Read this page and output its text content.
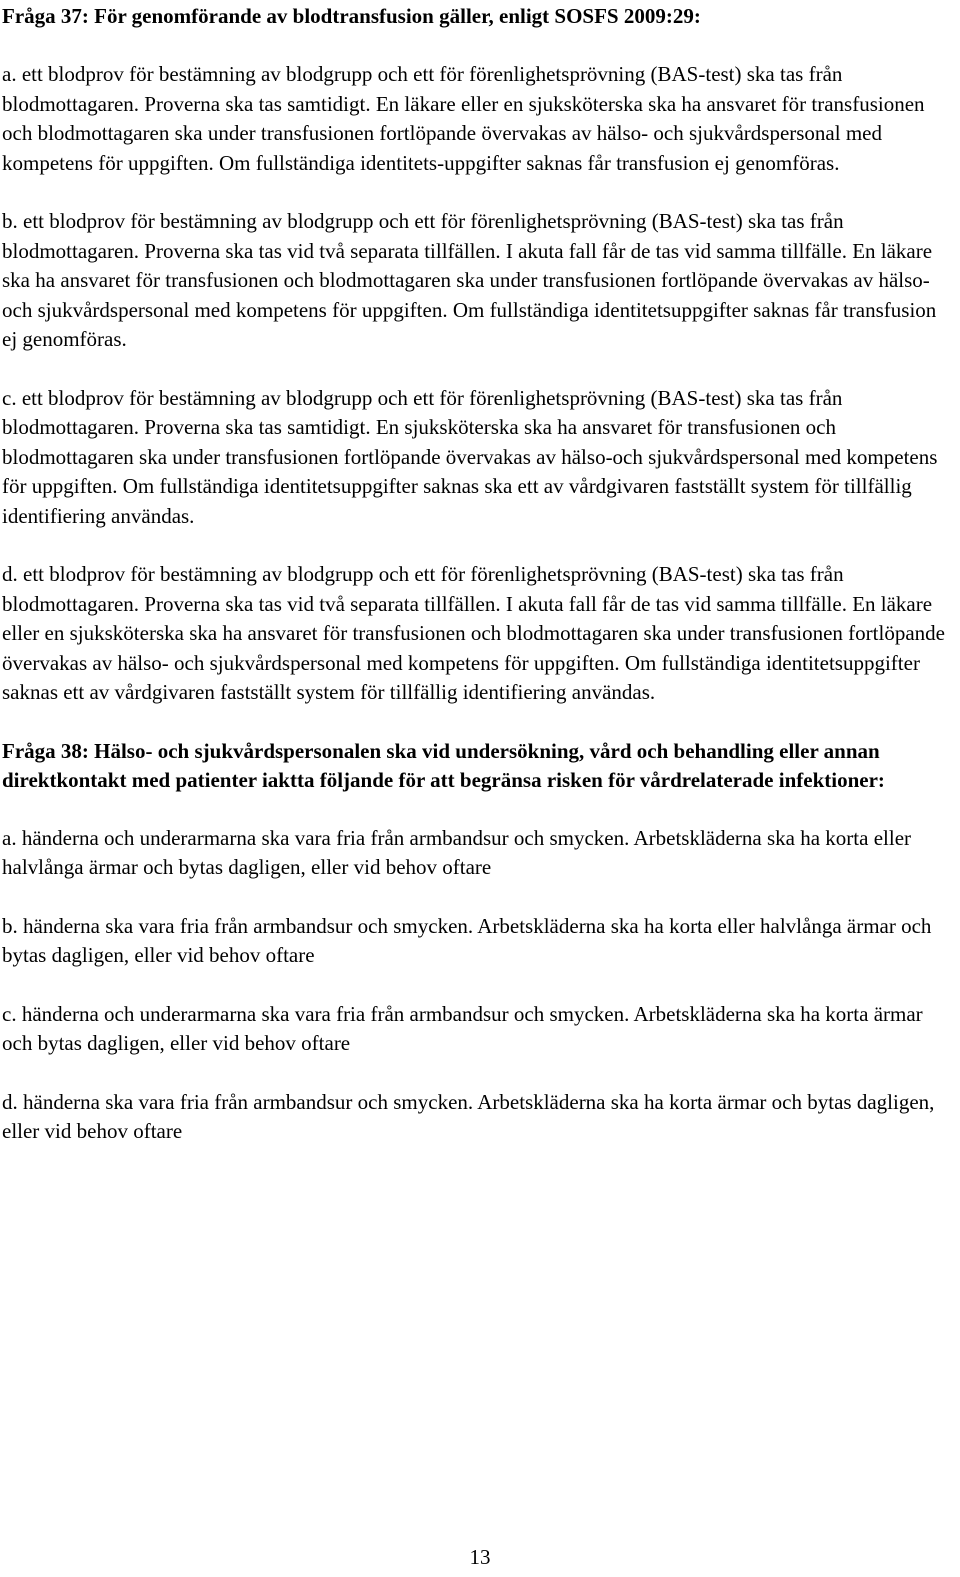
Fråga 37: För genomförande av blodtransfusion gäller, enligt SOSFS 2009:29:

a. ett blodprov för bestämning av blodgrupp och ett för förenlighetsprövning (BAS-test) ska tas från blodmottagaren. Proverna ska tas samtidigt. En läkare eller en sjuksköterska ska ha ansvaret för transfusionen och blodmottagaren ska under transfusionen fortlöpande övervakas av hälso- och sjukvårdspersonal med kompetens för uppgiften. Om fullständiga identitets-uppgifter saknas får transfusion ej genomföras.

b. ett blodprov för bestämning av blodgrupp och ett för förenlighetsprövning (BAS-test) ska tas från blodmottagaren. Proverna ska tas vid två separata tillfällen. I akuta fall får de tas vid samma tillfälle. En läkare ska ha ansvaret för transfusionen och blodmottagaren ska under transfusionen fortlöpande övervakas av hälso- och sjukvårdspersonal med kompetens för uppgiften. Om fullständiga identitetsuppgifter saknas får transfusion ej genomföras.

c. ett blodprov för bestämning av blodgrupp och ett för förenlighetsprövning (BAS-test) ska tas från blodmottagaren. Proverna ska tas samtidigt. En sjuksköterska ska ha ansvaret för transfusionen och blodmottagaren ska under transfusionen fortlöpande övervakas av hälso-och sjukvårdspersonal med kompetens för uppgiften. Om fullständiga identitetsuppgifter saknas ska ett av vårdgivaren fastställt system för tillfällig identifiering användas.

d. ett blodprov för bestämning av blodgrupp och ett för förenlighetsprövning (BAS-test) ska tas från blodmottagaren. Proverna ska tas vid två separata tillfällen. I akuta fall får de tas vid samma tillfälle. En läkare eller en sjuksköterska ska ha ansvaret för transfusionen och blodmottagaren ska under transfusionen fortlöpande övervakas av hälso- och sjukvårdspersonal med kompetens för uppgiften. Om fullständiga identitetsuppgifter saknas ett av vårdgivaren fastställt system för tillfällig identifiering användas.

Fråga 38: Hälso- och sjukvårdspersonalen ska vid undersökning, vård och behandling eller annan direktkontakt med patienter iaktta följande för att begränsa risken för vårdrelaterade infektioner:

a. händerna och underarmarna ska vara fria från armbandsur och smycken. Arbetskläderna ska ha korta eller halvlånga ärmar och bytas dagligen, eller vid behov oftare

b. händerna ska vara fria från armbandsur och smycken. Arbetskläderna ska ha korta eller halvlånga ärmar och bytas dagligen, eller vid behov oftare

c. händerna och underarmarna ska vara fria från armbandsur och smycken. Arbetskläderna ska ha korta ärmar och bytas dagligen, eller vid behov oftare

d. händerna ska vara fria från armbandsur och smycken. Arbetskläderna ska ha korta ärmar och bytas dagligen, eller vid behov oftare

13
